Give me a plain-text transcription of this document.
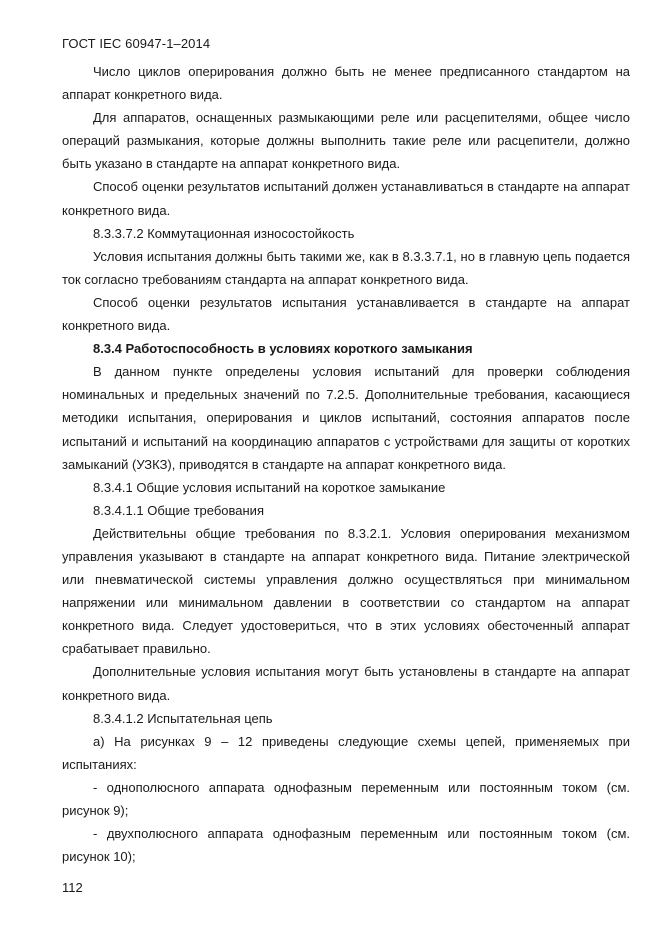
ГОСТ IEC 60947-1–2014

Число циклов оперирования должно быть не менее предписанного стандартом на аппарат конкретного вида.

Для аппаратов, оснащенных размыкающими реле или расцепителями, общее число операций размыкания, которые должны выполнить такие реле или расцепители, должно быть указано в стандарте на аппарат конкретного вида.

Способ оценки результатов испытаний должен устанавливаться в стандарте на аппарат конкретного вида.

8.3.3.7.2 Коммутационная износостойкость

Условия испытания должны быть такими же, как в 8.3.3.7.1, но в главную цепь подается ток согласно требованиям стандарта на аппарат конкретного вида.

Способ оценки результатов испытания устанавливается в стандарте на аппарат конкретного вида.

8.3.4 Работоспособность в условиях короткого замыкания

В данном пункте определены условия испытаний для проверки соблюдения номинальных и предельных значений по 7.2.5. Дополнительные требования, касающиеся методики испытания, оперирования и циклов испытаний, состояния аппаратов после испытаний и испытаний на координацию аппаратов с устройствами для защиты от коротких замыканий (УЗКЗ), приводятся в стандарте на аппарат конкретного вида.

8.3.4.1 Общие условия испытаний на короткое замыкание

8.3.4.1.1 Общие требования

Действительны общие требования по 8.3.2.1. Условия оперирования механизмом управления указывают в стандарте на аппарат конкретного вида. Питание электрической или пневматической системы управления должно осуществляться при минимальном напряжении или минимальном давлении в соответствии со стандартом на аппарат конкретного вида. Следует удостовериться, что в этих условиях обесточенный аппарат срабатывает правильно.

Дополнительные условия испытания могут быть установлены в стандарте на аппарат конкретного вида.

8.3.4.1.2 Испытательная цепь

a) На рисунках 9 – 12 приведены следующие схемы цепей, применяемых при испытаниях:

- однополюсного аппарата однофазным переменным или постоянным током (см. рисунок 9);

- двухполюсного аппарата однофазным переменным или постоянным током (см. рисунок 10);

112
